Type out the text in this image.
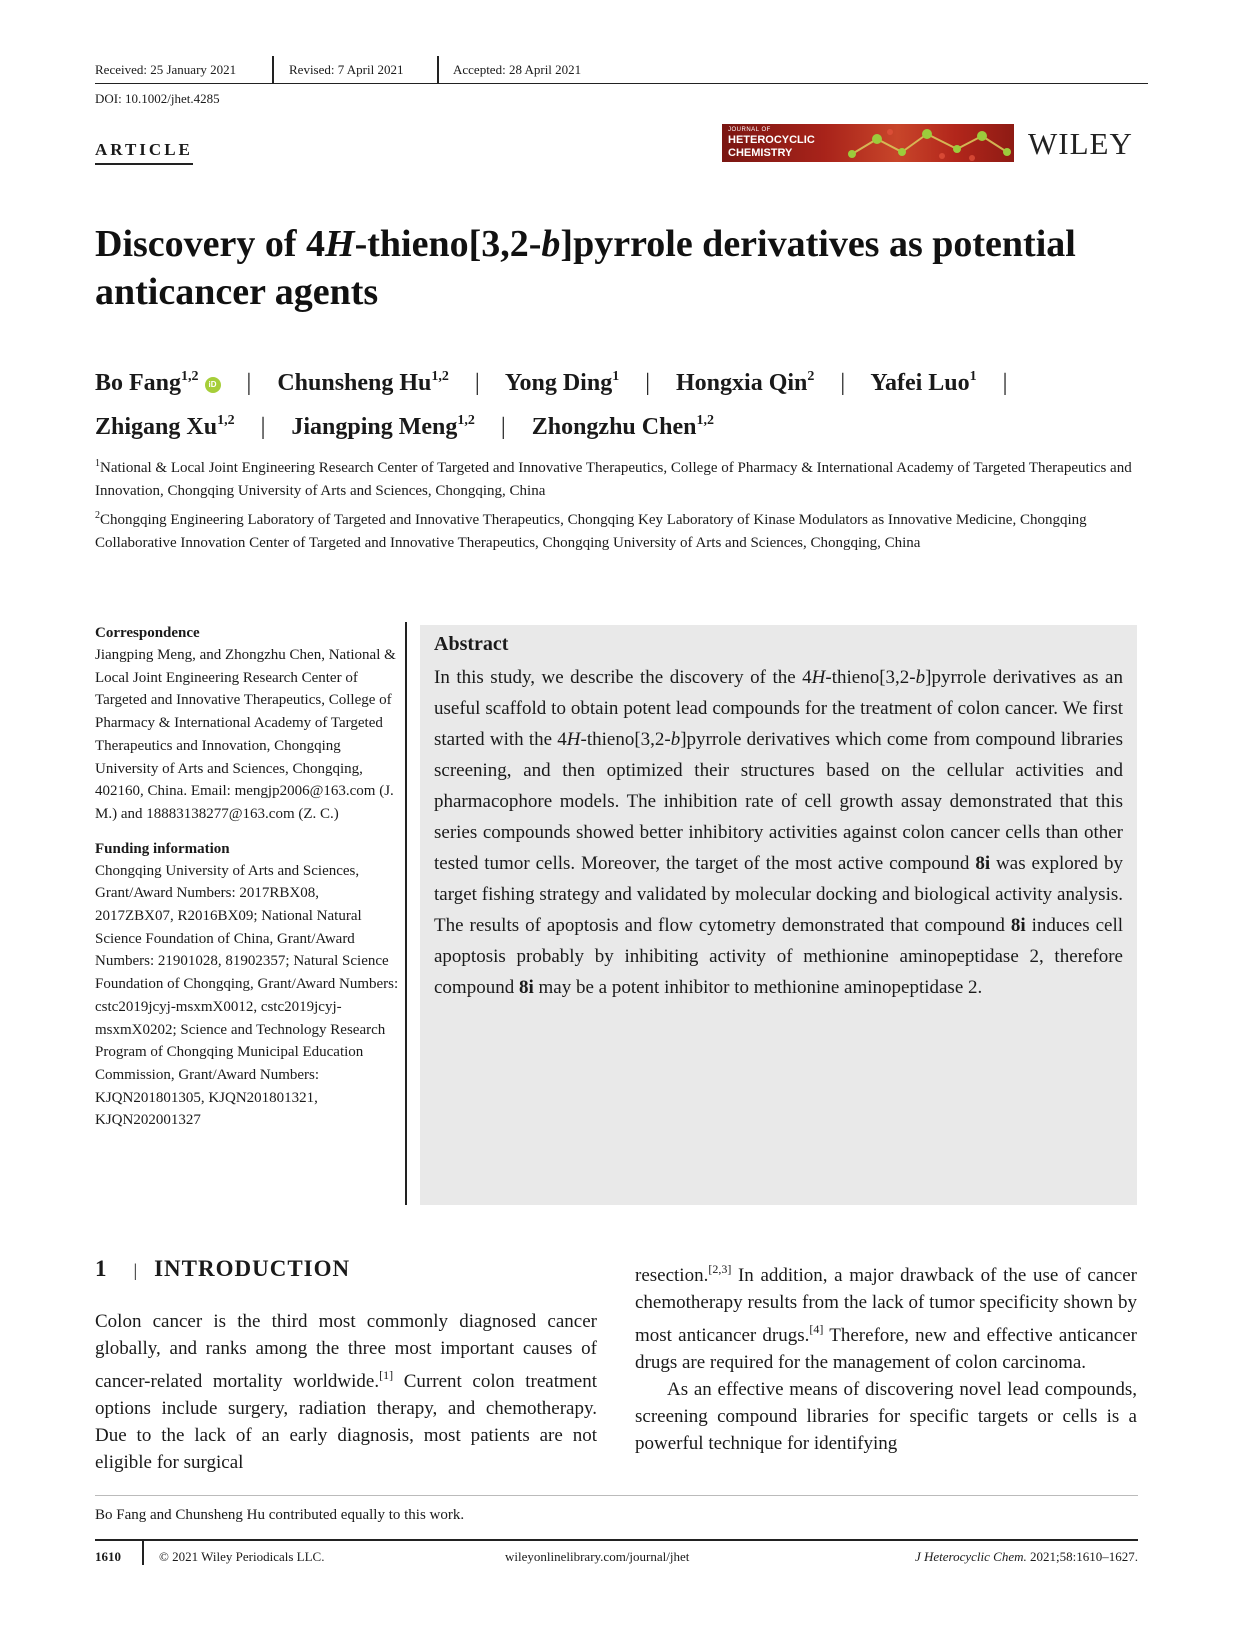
Received: 25 January 2021	Revised: 7 April 2021	Accepted: 28 April 2021
DOI: 10.1002/jhet.4285
ARTICLE
JOURNAL OF
HETEROCYCLIC
CHEMISTRY	WILEY
Discovery of 4H-thieno[3,2-b]pyrrole derivatives as potential
anticancer agents
Bo Fang$^{1,2}$iD | Chunsheng Hu$^{1,2}$ | Yong Ding$^1$ | Hongxia Qin$^2$ | Yafei Luo$^1$ |
Zhigang Xu$^{1,2}$ | Jiangping Meng$^{1,2}$ | Zhongzhu Chen$^{1,2}$
$^1$National & Local Joint Engineering Research Center of Targeted and Innovative Therapeutics, College of Pharmacy & International Academy of Targeted Therapeutics and Innovation, Chongqing University of Arts and Sciences, Chongqing, China
$^2$Chongqing Engineering Laboratory of Targeted and Innovative Therapeutics, Chongqing Key Laboratory of Kinase Modulators as Innovative Medicine, Chongqing Collaborative Innovation Center of Targeted and Innovative Therapeutics, Chongqing University of Arts and Sciences, Chongqing, China
Correspondence

Jiangping Meng, and Zhongzhu Chen, National & Local Joint Engineering Research Center of Targeted and Innovative Therapeutics, College of Pharmacy & International Academy of Targeted Therapeutics and Innovation, Chongqing University of Arts and Sciences, Chongqing, 402160, China. Email: mengjp2006@163.com (J. M.) and 18883138277@163.com (Z. C.)

Funding information

Chongqing University of Arts and Sciences, Grant/Award Numbers: 2017RBX08, 2017ZBX07, R2016BX09; National Natural Science Foundation of China, Grant/Award Numbers: 21901028, 81902357; Natural Science Foundation of Chongqing, Grant/Award Numbers: cstc2019jcyj-msxmX0012, cstc2019jcyj-msxmX0202; Science and Technology Research Program of Chongqing Municipal Education Commission, Grant/Award Numbers: KJQN201801305, KJQN201801321, KJQN202001327

Abstract

In this study, we describe the discovery of the 4H-thieno[3,2-b]pyrrole derivatives as an useful scaffold to obtain potent lead compounds for the treatment of colon cancer. We first started with the 4H-thieno[3,2-b]pyrrole derivatives which come from compound libraries screening, and then optimized their structures based on the cellular activities and pharmacophore models. The inhibition rate of cell growth assay demonstrated that this series compounds showed better inhibitory activities against colon cancer cells than other tested tumor cells. Moreover, the target of the most active compound 8i was explored by target fishing strategy and validated by molecular docking and biological activity analysis. The results of apoptosis and flow cytometry demonstrated that compound 8i induces cell apoptosis probably by inhibiting activity of methionine aminopeptidase 2, therefore compound 8i may be a potent inhibitor to methionine aminopeptidase 2.

1 | INTRODUCTION

Colon cancer is the third most commonly diagnosed cancer globally, and ranks among the three most important causes of cancer-related mortality worldwide.[1] Current colon treatment options include surgery, radiation therapy, and chemotherapy. Due to the lack of an early diagnosis, most patients are not eligible for surgical

resection.[2,3] In addition, a major drawback of the use of cancer chemotherapy results from the lack of tumor specificity shown by most anticancer drugs.[4] Therefore, new and effective anticancer drugs are required for the management of colon carcinoma.

As an effective means of discovering novel lead compounds, screening compound libraries for specific targets or cells is a powerful technique for identifying

Bo Fang and Chunsheng Hu contributed equally to this work.
1610	© 2021 Wiley Periodicals LLC.	wileyonlinelibrary.com/journal/jhet	J Heterocyclic Chem. 2021;58:1610–1627.
